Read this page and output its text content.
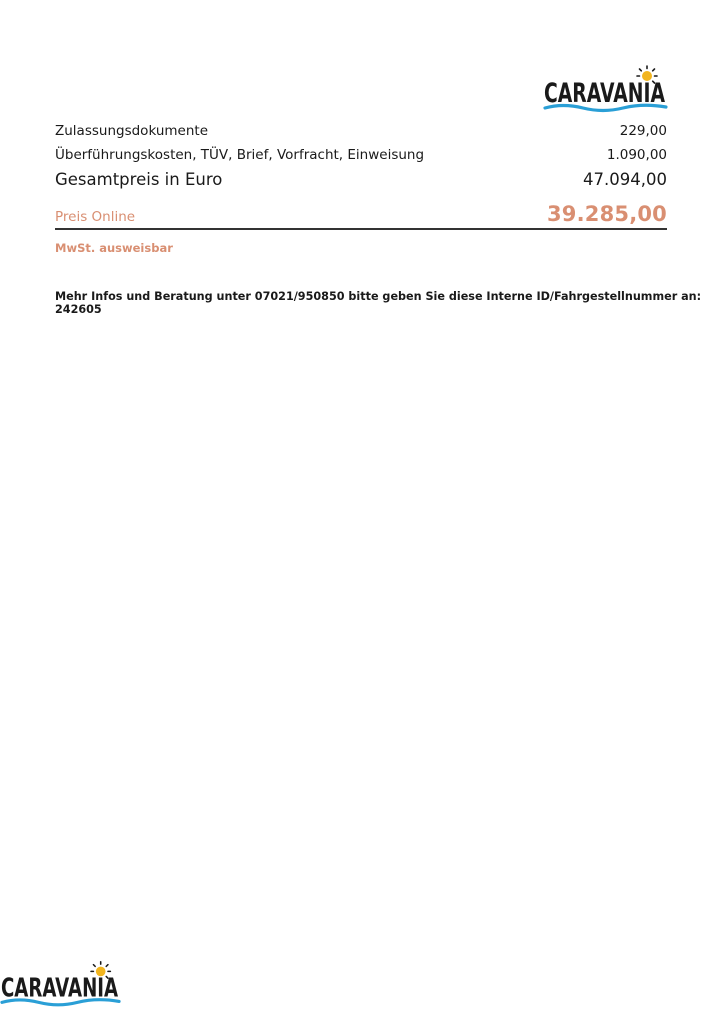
CARAVANIA
Zulassungsdokumente	229,00
Überführungskosten, TÜV, Brief, Vorfracht, Einweisung	1.090,00
Gesamtpreis in Euro	47.094,00
Preis Online	39.285,00
MwSt. ausweisbar
Mehr Infos und Beratung unter 07021/950850 bitte geben Sie diese Interne ID/Fahrgestellnummer an: 242605
CARAVANIA
